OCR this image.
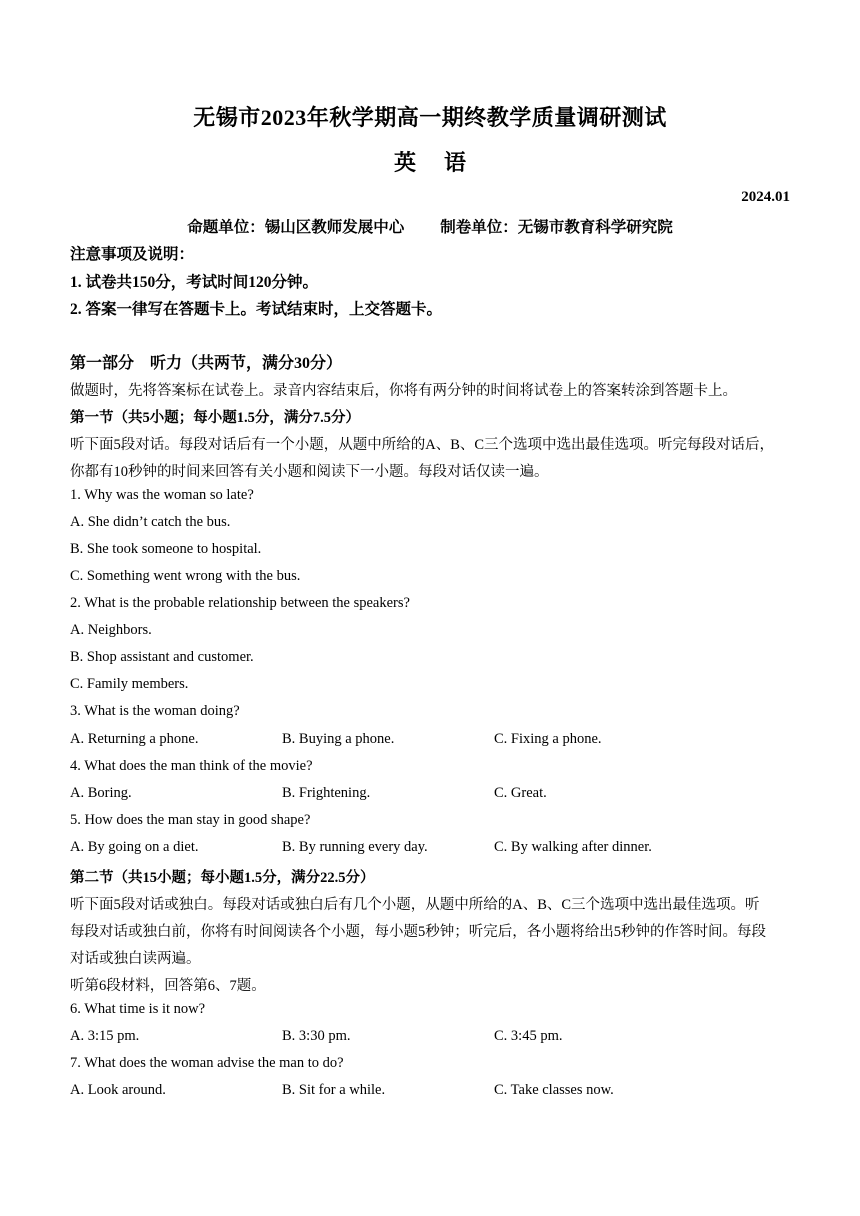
无锡市2023年秋学期高一期终教学质量调研测试
英语
2024.01
命题单位：锡山区教师发展中心 制卷单位：无锡市教育科学研究院
注意事项及说明：
1. 试卷共150分，考试时间120分钟。
2. 答案一律写在答题卡上。考试结束时，上交答题卡。
第一部分    听力（共两节，满分30分）
做题时，先将答案标在试卷上。录音内容结束后，你将有两分钟的时间将试卷上的答案转涂到答题卡上。
第一节（共5小题；每小题1.5分，满分7.5分）
听下面5段对话。每段对话后有一个小题，从题中所给的A、B、C三个选项中选出最佳选项。听完每段对话后，
你都有10秒钟的时间来回答有关小题和阅读下一小题。每段对话仅读一遍。
1. Why was the woman so late?
A. She didn’t catch the bus.
B. She took someone to hospital.
C. Something went wrong with the bus.
2. What is the probable relationship between the speakers?
A. Neighbors.
B. Shop assistant and customer.
C. Family members.
3. What is the woman doing?
A. Returning a phone.	B. Buying a phone.	C. Fixing a phone.
4. What does the man think of the movie?
A. Boring.	B. Frightening.	C. Great.
5. How does the man stay in good shape?
A. By going on a diet.	B. By running every day.	C. By walking after dinner.
第二节（共15小题；每小题1.5分，满分22.5分）
听下面5段对话或独白。每段对话或独白后有几个小题，从题中所给的A、B、C三个选项中选出最佳选项。听
每段对话或独白前，你将有时间阅读各个小题，每小题5秒钟；听完后，各小题将给出5秒钟的作答时间。每段
对话或独白读两遍。
听第6段材料，回答第6、7题。
6. What time is it now?
A. 3:15 pm.	B. 3:30 pm.	C. 3:45 pm.
7. What does the woman advise the man to do?
A. Look around.	B. Sit for a while.	C. Take classes now.
